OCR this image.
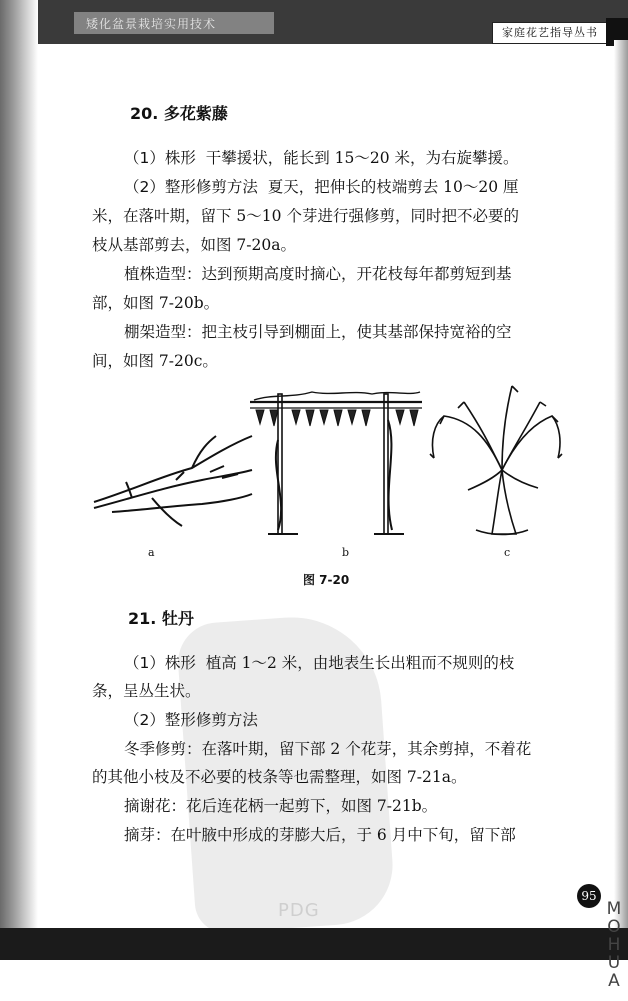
矮化盆景栽培实用技术
家庭花艺指导丛书
PDG
20. 多花紫藤
（1）株形 干攀援状，能长到 15～20 米，为右旋攀援。
（2）整形修剪方法 夏天，把伸长的枝端剪去 10～20 厘
米，在落叶期，留下 5～10 个芽进行强修剪，同时把不必要的
枝从基部剪去，如图 7-20a。
植株造型：达到预期高度时摘心，开花枝每年都剪短到基
部，如图 7-20b。
棚架造型：把主枝引导到棚面上，使其基部保持宽裕的空
间，如图 7-20c。
a	b	c
图 7-20
21. 牡丹
（1）株形 植高 1～2 米，由地表生长出粗而不规则的枝
条，呈丛生状。
（2）整形修剪方法
冬季修剪：在落叶期，留下部 2 个花芽，其余剪掉，不着花
的其他小枝及不必要的枝条等也需整理，如图 7-21a。
摘谢花：花后连花柄一起剪下，如图 7-21b。
摘芽：在叶腋中形成的芽膨大后，于 6 月中下旬，留下部
95
M O H U A
